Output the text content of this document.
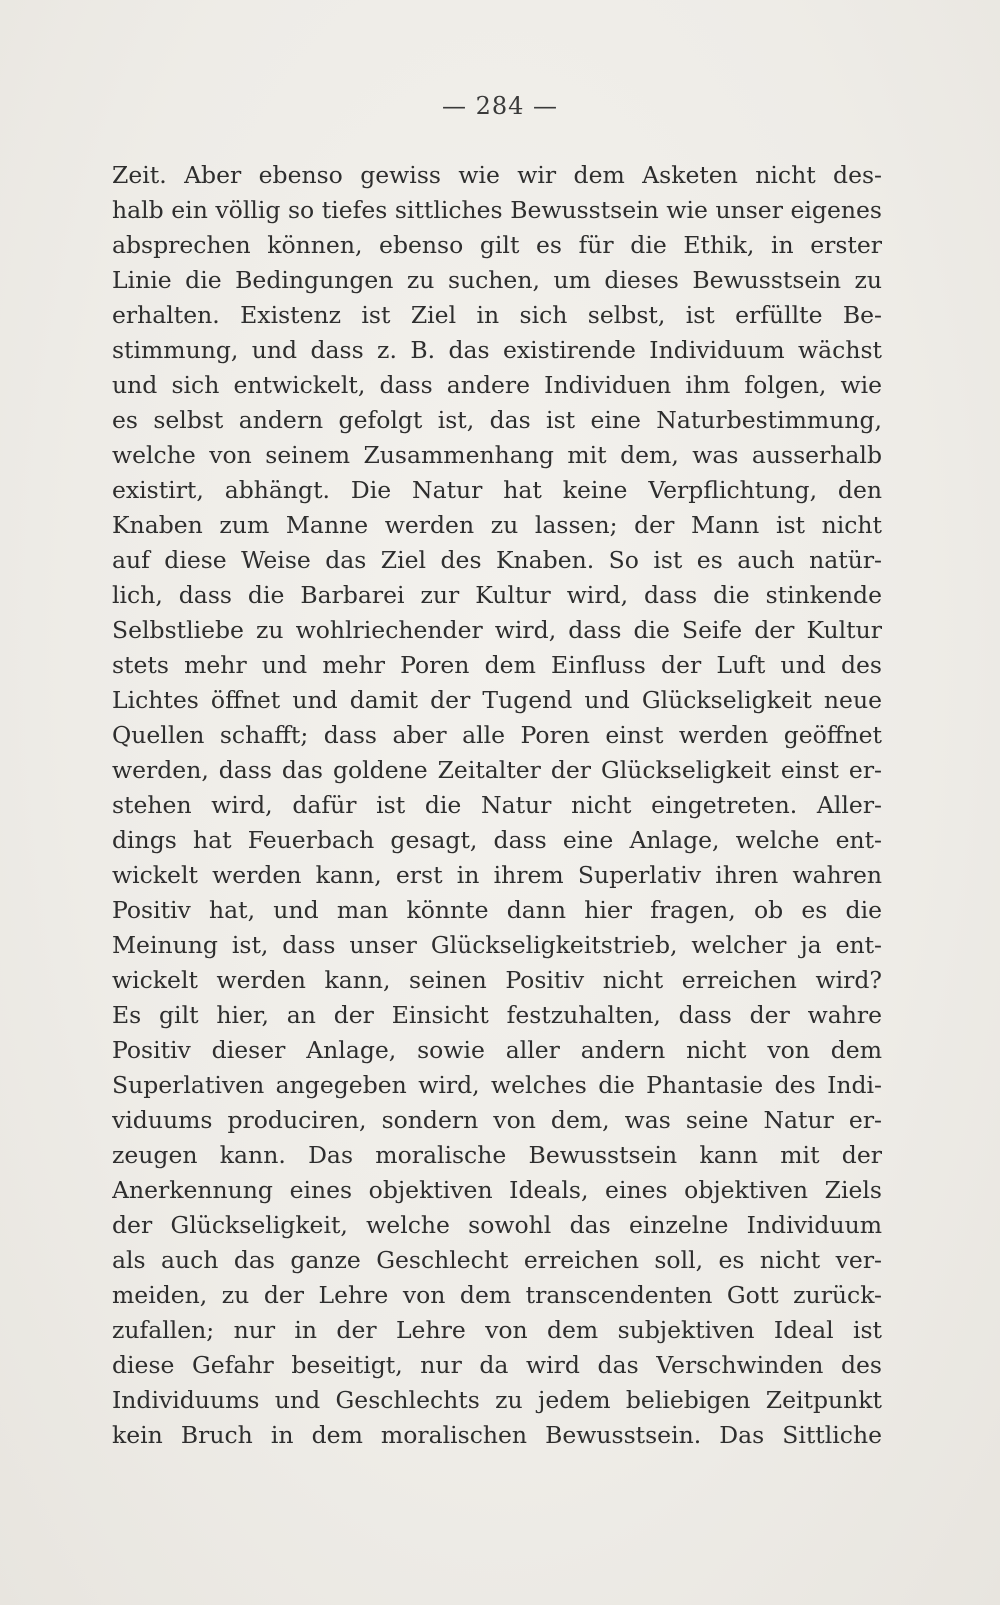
— 284 —
Zeit. Aber ebenso gewiss wie wir dem Asketen nicht des-
halb ein völlig so tiefes sittliches Bewusstsein wie unser eigenes
absprechen können, ebenso gilt es für die Ethik, in erster
Linie die Bedingungen zu suchen, um dieses Bewusstsein zu
erhalten. Existenz ist Ziel in sich selbst, ist erfüllte Be-
stimmung, und dass z. B. das existirende Individuum wächst
und sich entwickelt, dass andere Individuen ihm folgen, wie
es selbst andern gefolgt ist, das ist eine Naturbestimmung,
welche von seinem Zusammenhang mit dem, was ausserhalb
existirt, abhängt. Die Natur hat keine Verpflichtung, den
Knaben zum Manne werden zu lassen; der Mann ist nicht
auf diese Weise das Ziel des Knaben. So ist es auch natür-
lich, dass die Barbarei zur Kultur wird, dass die stinkende
Selbstliebe zu wohlriechender wird, dass die Seife der Kultur
stets mehr und mehr Poren dem Einfluss der Luft und des
Lichtes öffnet und damit der Tugend und Glückseligkeit neue
Quellen schafft; dass aber alle Poren einst werden geöffnet
werden, dass das goldene Zeitalter der Glückseligkeit einst er-
stehen wird, dafür ist die Natur nicht eingetreten. Aller-
dings hat Feuerbach gesagt, dass eine Anlage, welche ent-
wickelt werden kann, erst in ihrem Superlativ ihren wahren
Positiv hat, und man könnte dann hier fragen, ob es die
Meinung ist, dass unser Glückseligkeitstrieb, welcher ja ent-
wickelt werden kann, seinen Positiv nicht erreichen wird?
Es gilt hier, an der Einsicht festzuhalten, dass der wahre
Positiv dieser Anlage, sowie aller andern nicht von dem
Superlativen angegeben wird, welches die Phantasie des Indi-
viduums produciren, sondern von dem, was seine Natur er-
zeugen kann. Das moralische Bewusstsein kann mit der
Anerkennung eines objektiven Ideals, eines objektiven Ziels
der Glückseligkeit, welche sowohl das einzelne Individuum
als auch das ganze Geschlecht erreichen soll, es nicht ver-
meiden, zu der Lehre von dem transcendenten Gott zurück-
zufallen; nur in der Lehre von dem subjektiven Ideal ist
diese Gefahr beseitigt, nur da wird das Verschwinden des
Individuums und Geschlechts zu jedem beliebigen Zeitpunkt
kein Bruch in dem moralischen Bewusstsein. Das Sittliche
